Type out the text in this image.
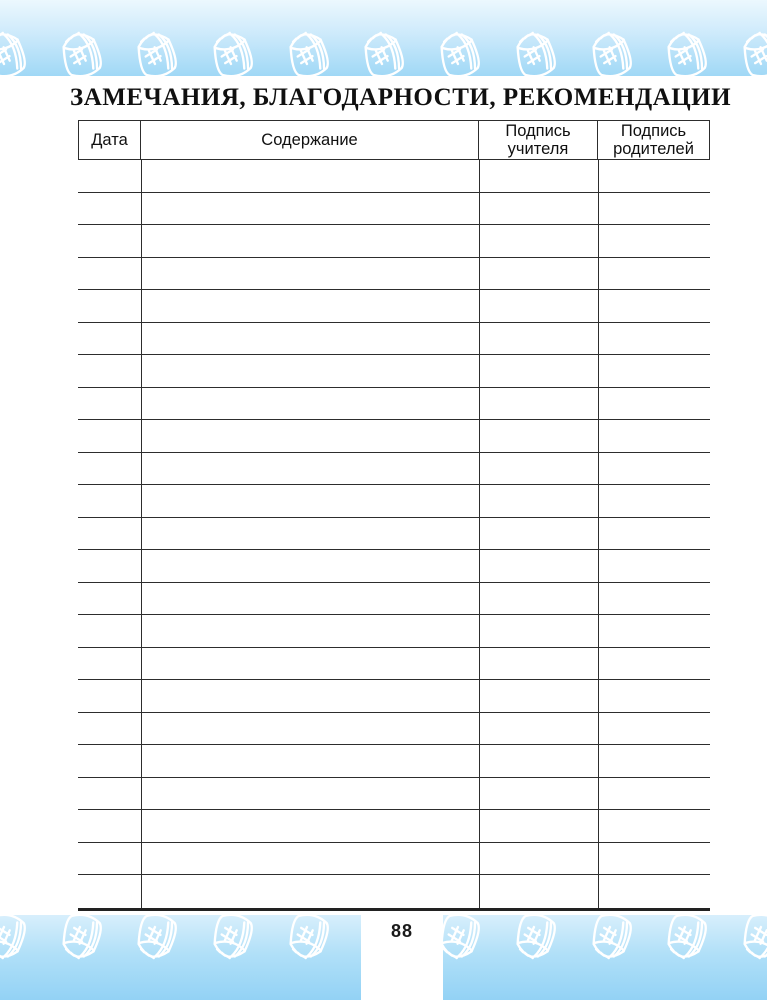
ЗАМЕЧАНИЯ, БЛАГОДАРНОСТИ, РЕКОМЕНДАЦИИ
Дата	Содержание
Подпись учителя
Подпись родителей
88
